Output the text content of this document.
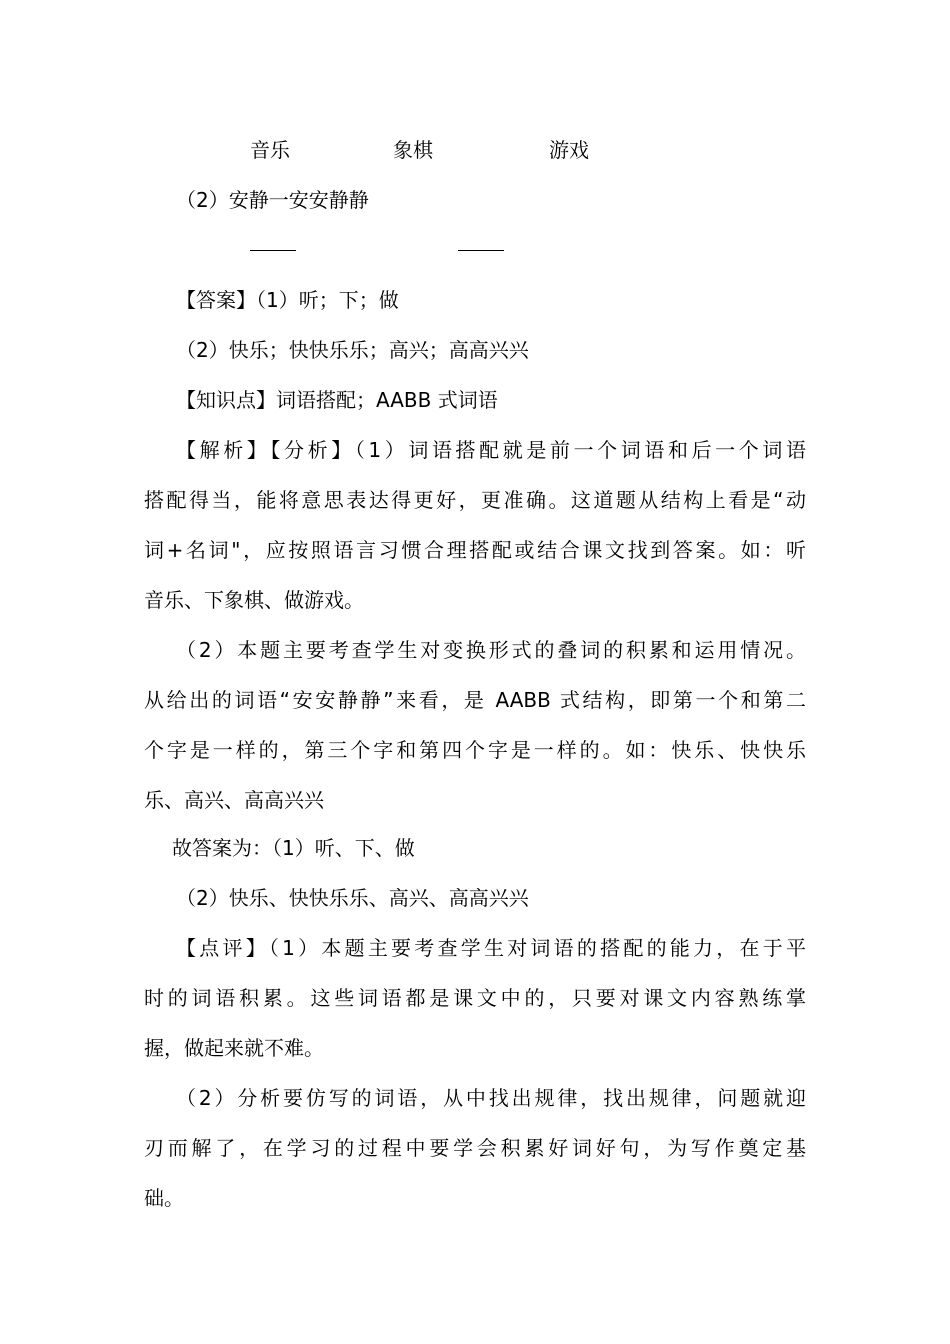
音乐	象棋	游戏
（2）安静一安安静静
【答案】（1）听；下；做
（2）快乐；快快乐乐；高兴；高高兴兴
【知识点】词语搭配；AABB 式词语
【解析】【分析】（1）词语搭配就是前一个词语和后一个词语
搭配得当，能将意思表达得更好，更准确。这道题从结构上看是“动
词+名词"，应按照语言习惯合理搭配或结合课文找到答案。如：听
音乐、下象棋、做游戏。
（2）本题主要考查学生对变换形式的叠词的积累和运用情况。
从给出的词语“安安静静”来看，是 AABB 式结构，即第一个和第二
个字是一样的，第三个字和第四个字是一样的。如：快乐、快快乐
乐、高兴、高高兴兴
故答案为：（1）听、下、做
（2）快乐、快快乐乐、高兴、高高兴兴
【点评】（1）本题主要考查学生对词语的搭配的能力，在于平
时的词语积累。这些词语都是课文中的，只要对课文内容熟练掌
握，做起来就不难。
（2）分析要仿写的词语，从中找出规律，找出规律，问题就迎
刃而解了，在学习的过程中要学会积累好词好句，为写作奠定基
础。
